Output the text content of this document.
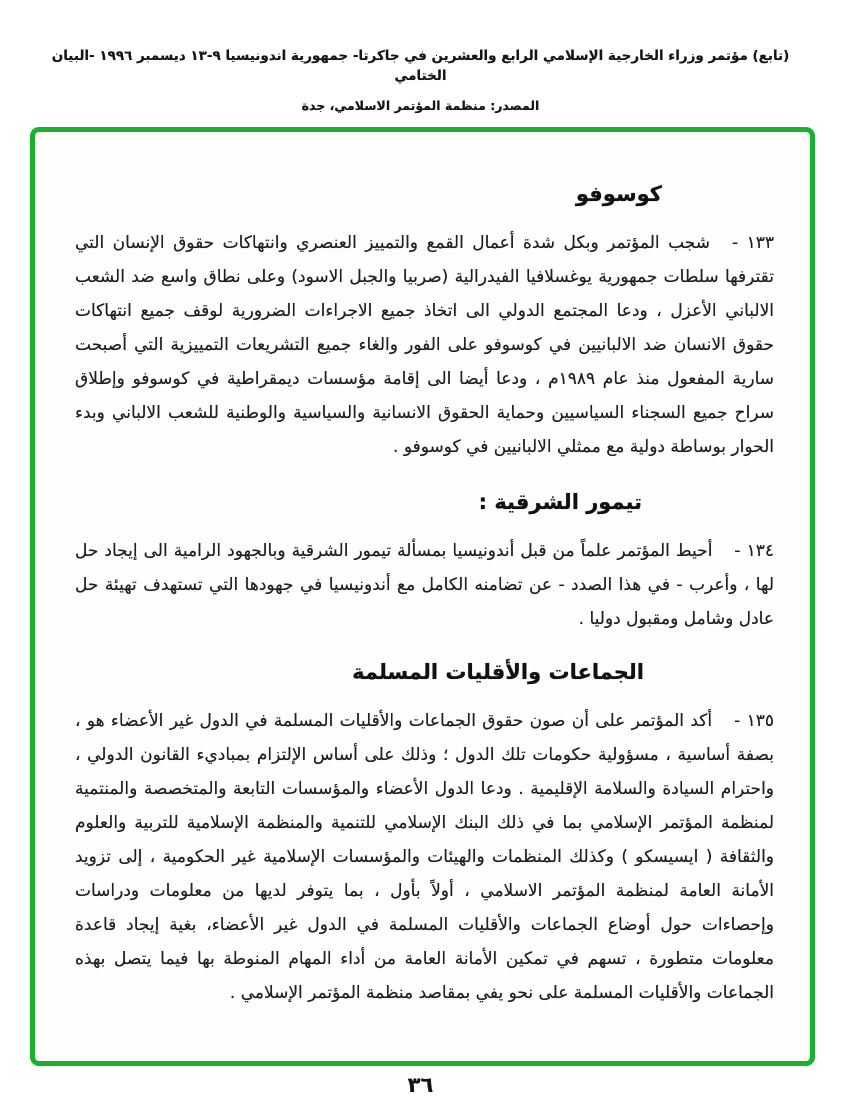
(تابع) مؤتمر وزراء الخارجية الإسلامي الرابع والعشرين في جاكرتا- جمهورية اندونيسيا ٩-١٣ ديسمبر ١٩٩٦ -البيان الختامي
المصدر: منظمة المؤتمر الاسلامي، جدة
كوسوفو

١٣٣ -شجب المؤتمر وبكل شدة أعمال القمع والتمييز العنصري وانتهاكات حقوق الإنسان التي تقترفها سلطات جمهورية يوغسلافيا الفيدرالية (صربيا والجبل الاسود) وعلى نطاق واسع ضد الشعب الالباني الأعزل ، ودعا المجتمع الدولي الى اتخاذ جميع الاجراءات الضرورية لوقف جميع انتهاكات حقوق الانسان ضد الالبانيين في كوسوفو على الفور والغاء جميع التشريعات التمييزية التي أصبحت سارية المفعول منذ عام ١٩٨٩م ، ودعا أيضا الى إقامة مؤسسات ديمقراطية في كوسوفو وإطلاق سراح جميع السجناء السياسيين وحماية الحقوق الانسانية والسياسية والوطنية للشعب الالباني وبدء الحوار بوساطة دولية مع ممثلي الالبانيين في كوسوفو .

تيمور الشرقية :

١٣٤ -أحيط المؤتمر علماً من قبل أندونيسيا بمسألة تيمور الشرقية وبالجهود الرامية الى إيجاد حل لها ، وأعرب - في هذا الصدد - عن تضامنه الكامل مع أندونيسيا في جهودها التي تستهدف تهيئة حل عادل وشامل ومقبول دوليا .

الجماعات والأقليات المسلمة

١٣٥ -أكد المؤتمر على أن صون حقوق الجماعات والأقليات المسلمة في الدول غير الأعضاء هو ، بصفة أساسية ، مسؤولية حكومات تلك الدول ؛ وذلك على أساس الإلتزام بمباديء القانون الدولي ، واحترام السيادة والسلامة الإقليمية . ودعا الدول الأعضاء والمؤسسات التابعة والمتخصصة والمنتمية لمنظمة المؤتمر الإسلامي بما في ذلك البنك الإسلامي للتنمية والمنظمة الإسلامية للتربية والعلوم والثقافة ( ايسيسكو ) وكذلك المنظمات والهيئات والمؤسسات الإسلامية غير الحكومية ، إلى تزويد الأمانة العامة لمنظمة المؤتمر الاسلامي ، أولاً بأول ، بما يتوفر لديها من معلومات ودراسات وإحصاءات حول أوضاع الجماعات والأقليات المسلمة في الدول غير الأعضاء، بغية إيجاد قاعدة معلومات متطورة ، تسهم في تمكين الأمانة العامة من أداء المهام المنوطة بها فيما يتصل بهذه الجماعات والأقليات المسلمة على نحو يفي بمقاصد منظمة المؤتمر الإسلامي .

٣٦
